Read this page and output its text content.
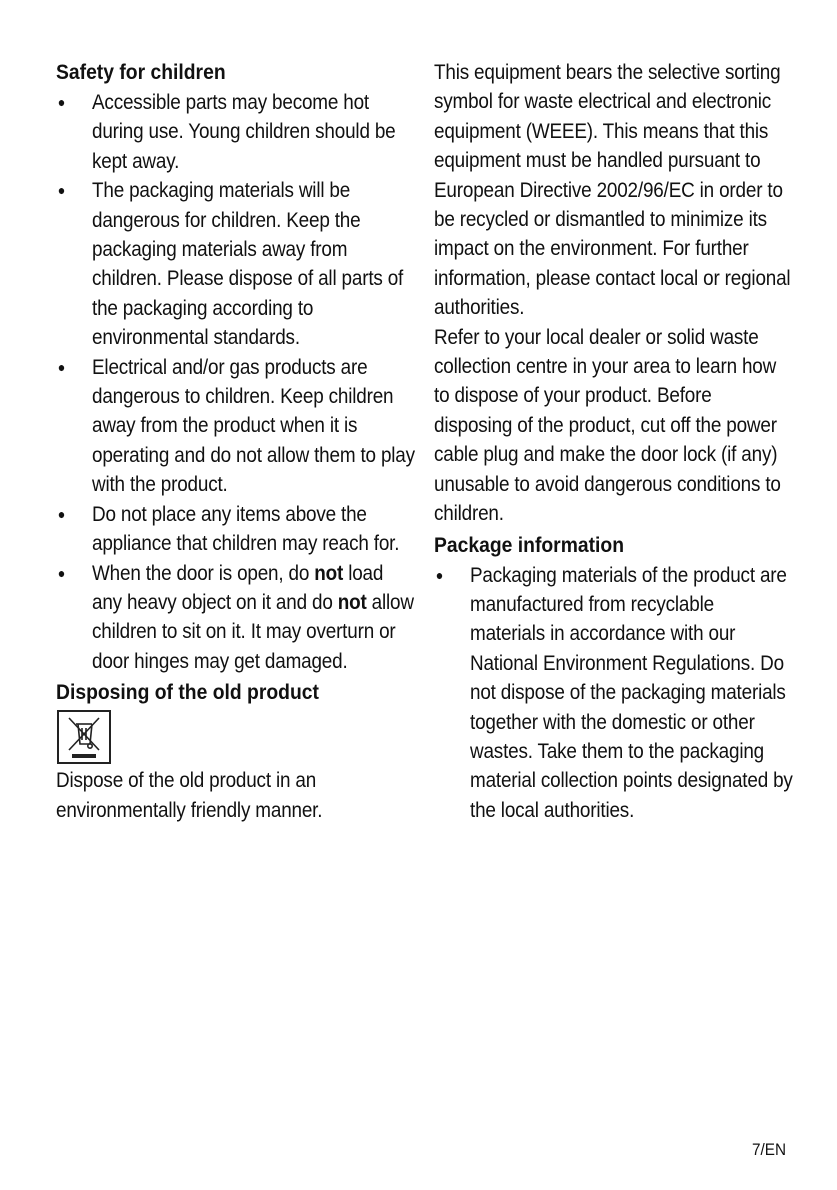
Safety for children
● Accessible parts may become hot during use. Young children should be kept away.
● The packaging materials will be dangerous for children. Keep the packaging materials away from children. Please dispose of all parts of the packaging according to environmental standards.
● Electrical and/or gas products are dangerous to children. Keep children away from the product when it is operating and do not allow them to play with the product.
● Do not place any items above the appliance that children may reach for.
● When the door is open, do not load any heavy object on it and do not allow children to sit on it. It may overturn or door hinges may get damaged.
Disposing of the old product
Dispose of the old product in an environmentally friendly manner.
This equipment bears the selective sorting symbol for waste electrical and electronic equipment (WEEE). This means that this equipment must be handled pursuant to European Directive 2002/96/EC in order to be recycled or dismantled to minimize its impact on the environment. For further information, please contact local or regional authorities.
Refer to your local dealer or solid waste collection centre in your area to learn how to dispose of your product. Before disposing of the product, cut off the power cable plug and make the door lock (if any) unusable to avoid dangerous conditions to children.
Package information
● Packaging materials of the product are manufactured from recyclable materials in accordance with our National Environment Regulations. Do not dispose of the packaging materials together with the domestic or other wastes. Take them to the packaging material collection points designated by the local authorities.
7/EN
